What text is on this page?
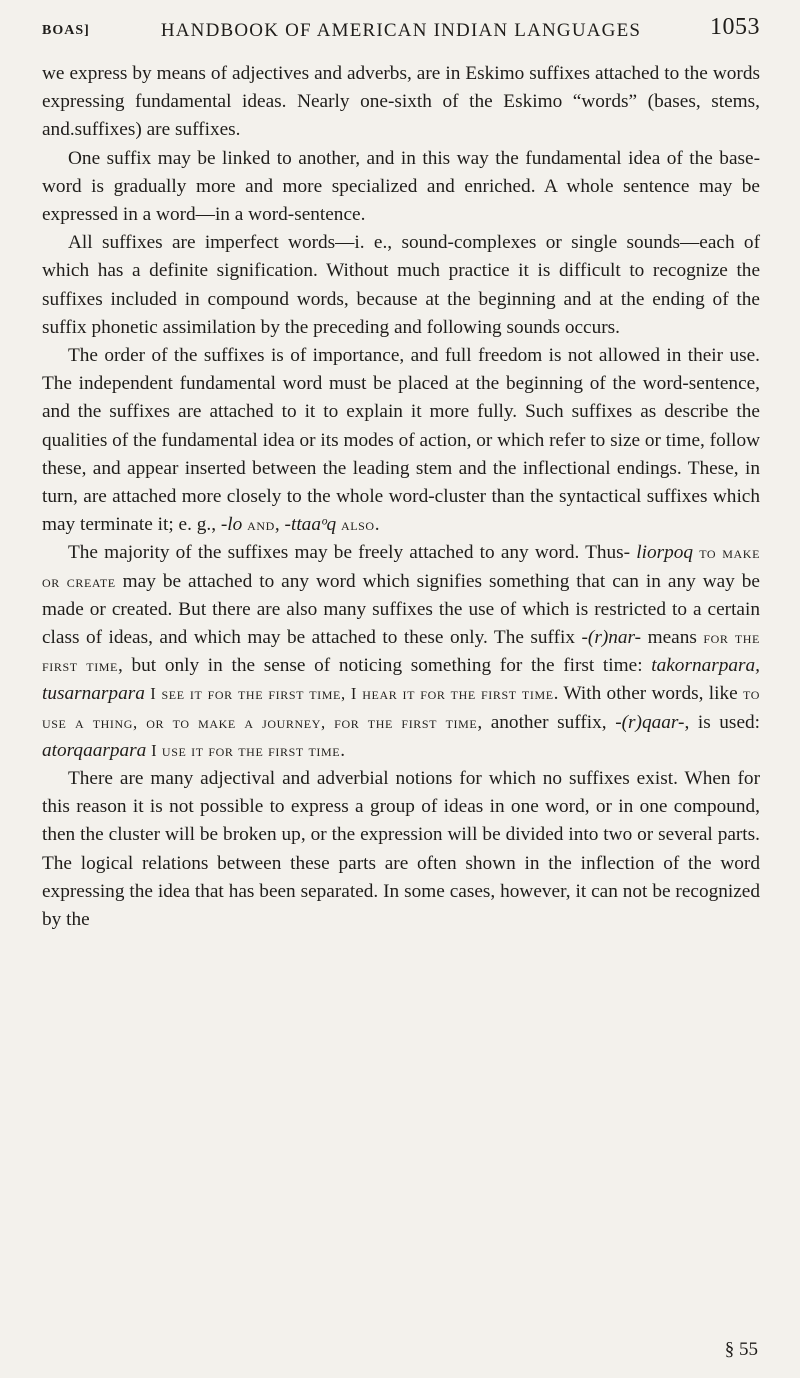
BOAS]	HANDBOOK OF AMERICAN INDIAN LANGUAGES	1053

we express by means of adjectives and adverbs, are in Eskimo suffixes attached to the words expressing fundamental ideas. Nearly one-sixth of the Eskimo “words” (bases, stems, and.suffixes) are suffixes.

One suffix may be linked to another, and in this way the fundamental idea of the base-word is gradually more and more specialized and enriched. A whole sentence may be expressed in a word—in a word-sentence.

All suffixes are imperfect words—i. e., sound-complexes or single sounds—each of which has a definite signification. Without much practice it is difficult to recognize the suffixes included in compound words, because at the beginning and at the ending of the suffix phonetic assimilation by the preceding and following sounds occurs.

The order of the suffixes is of importance, and full freedom is not allowed in their use. The independent fundamental word must be placed at the beginning of the word-sentence, and the suffixes are attached to it to explain it more fully. Such suffixes as describe the qualities of the fundamental idea or its modes of action, or which refer to size or time, follow these, and appear inserted between the leading stem and the inflectional endings. These, in turn, are attached more closely to the whole word-cluster than the syntactical suffixes which may terminate it; e. g., -lo and, -ttaaᵒq also.

The majority of the suffixes may be freely attached to any word. Thus- liorpoq to make or create may be attached to any word which signifies something that can in any way be made or created. But there are also many suffixes the use of which is restricted to a certain class of ideas, and which may be attached to these only. The suffix -(r)nar- means for the first time, but only in the sense of noticing something for the first time: takornarpara, tusarnarpara I see it for the first time, I hear it for the first time. With other words, like to use a thing, or to make a journey, for the first time, another suffix, -(r)qaar-, is used: atorqaarpara I use it for the first time.

There are many adjectival and adverbial notions for which no suffixes exist. When for this reason it is not possible to express a group of ideas in one word, or in one compound, then the cluster will be broken up, or the expression will be divided into two or several parts. The logical relations between these parts are often shown in the inflection of the word expressing the idea that has been separated. In some cases, however, it can not be recognized by the

§ 55
